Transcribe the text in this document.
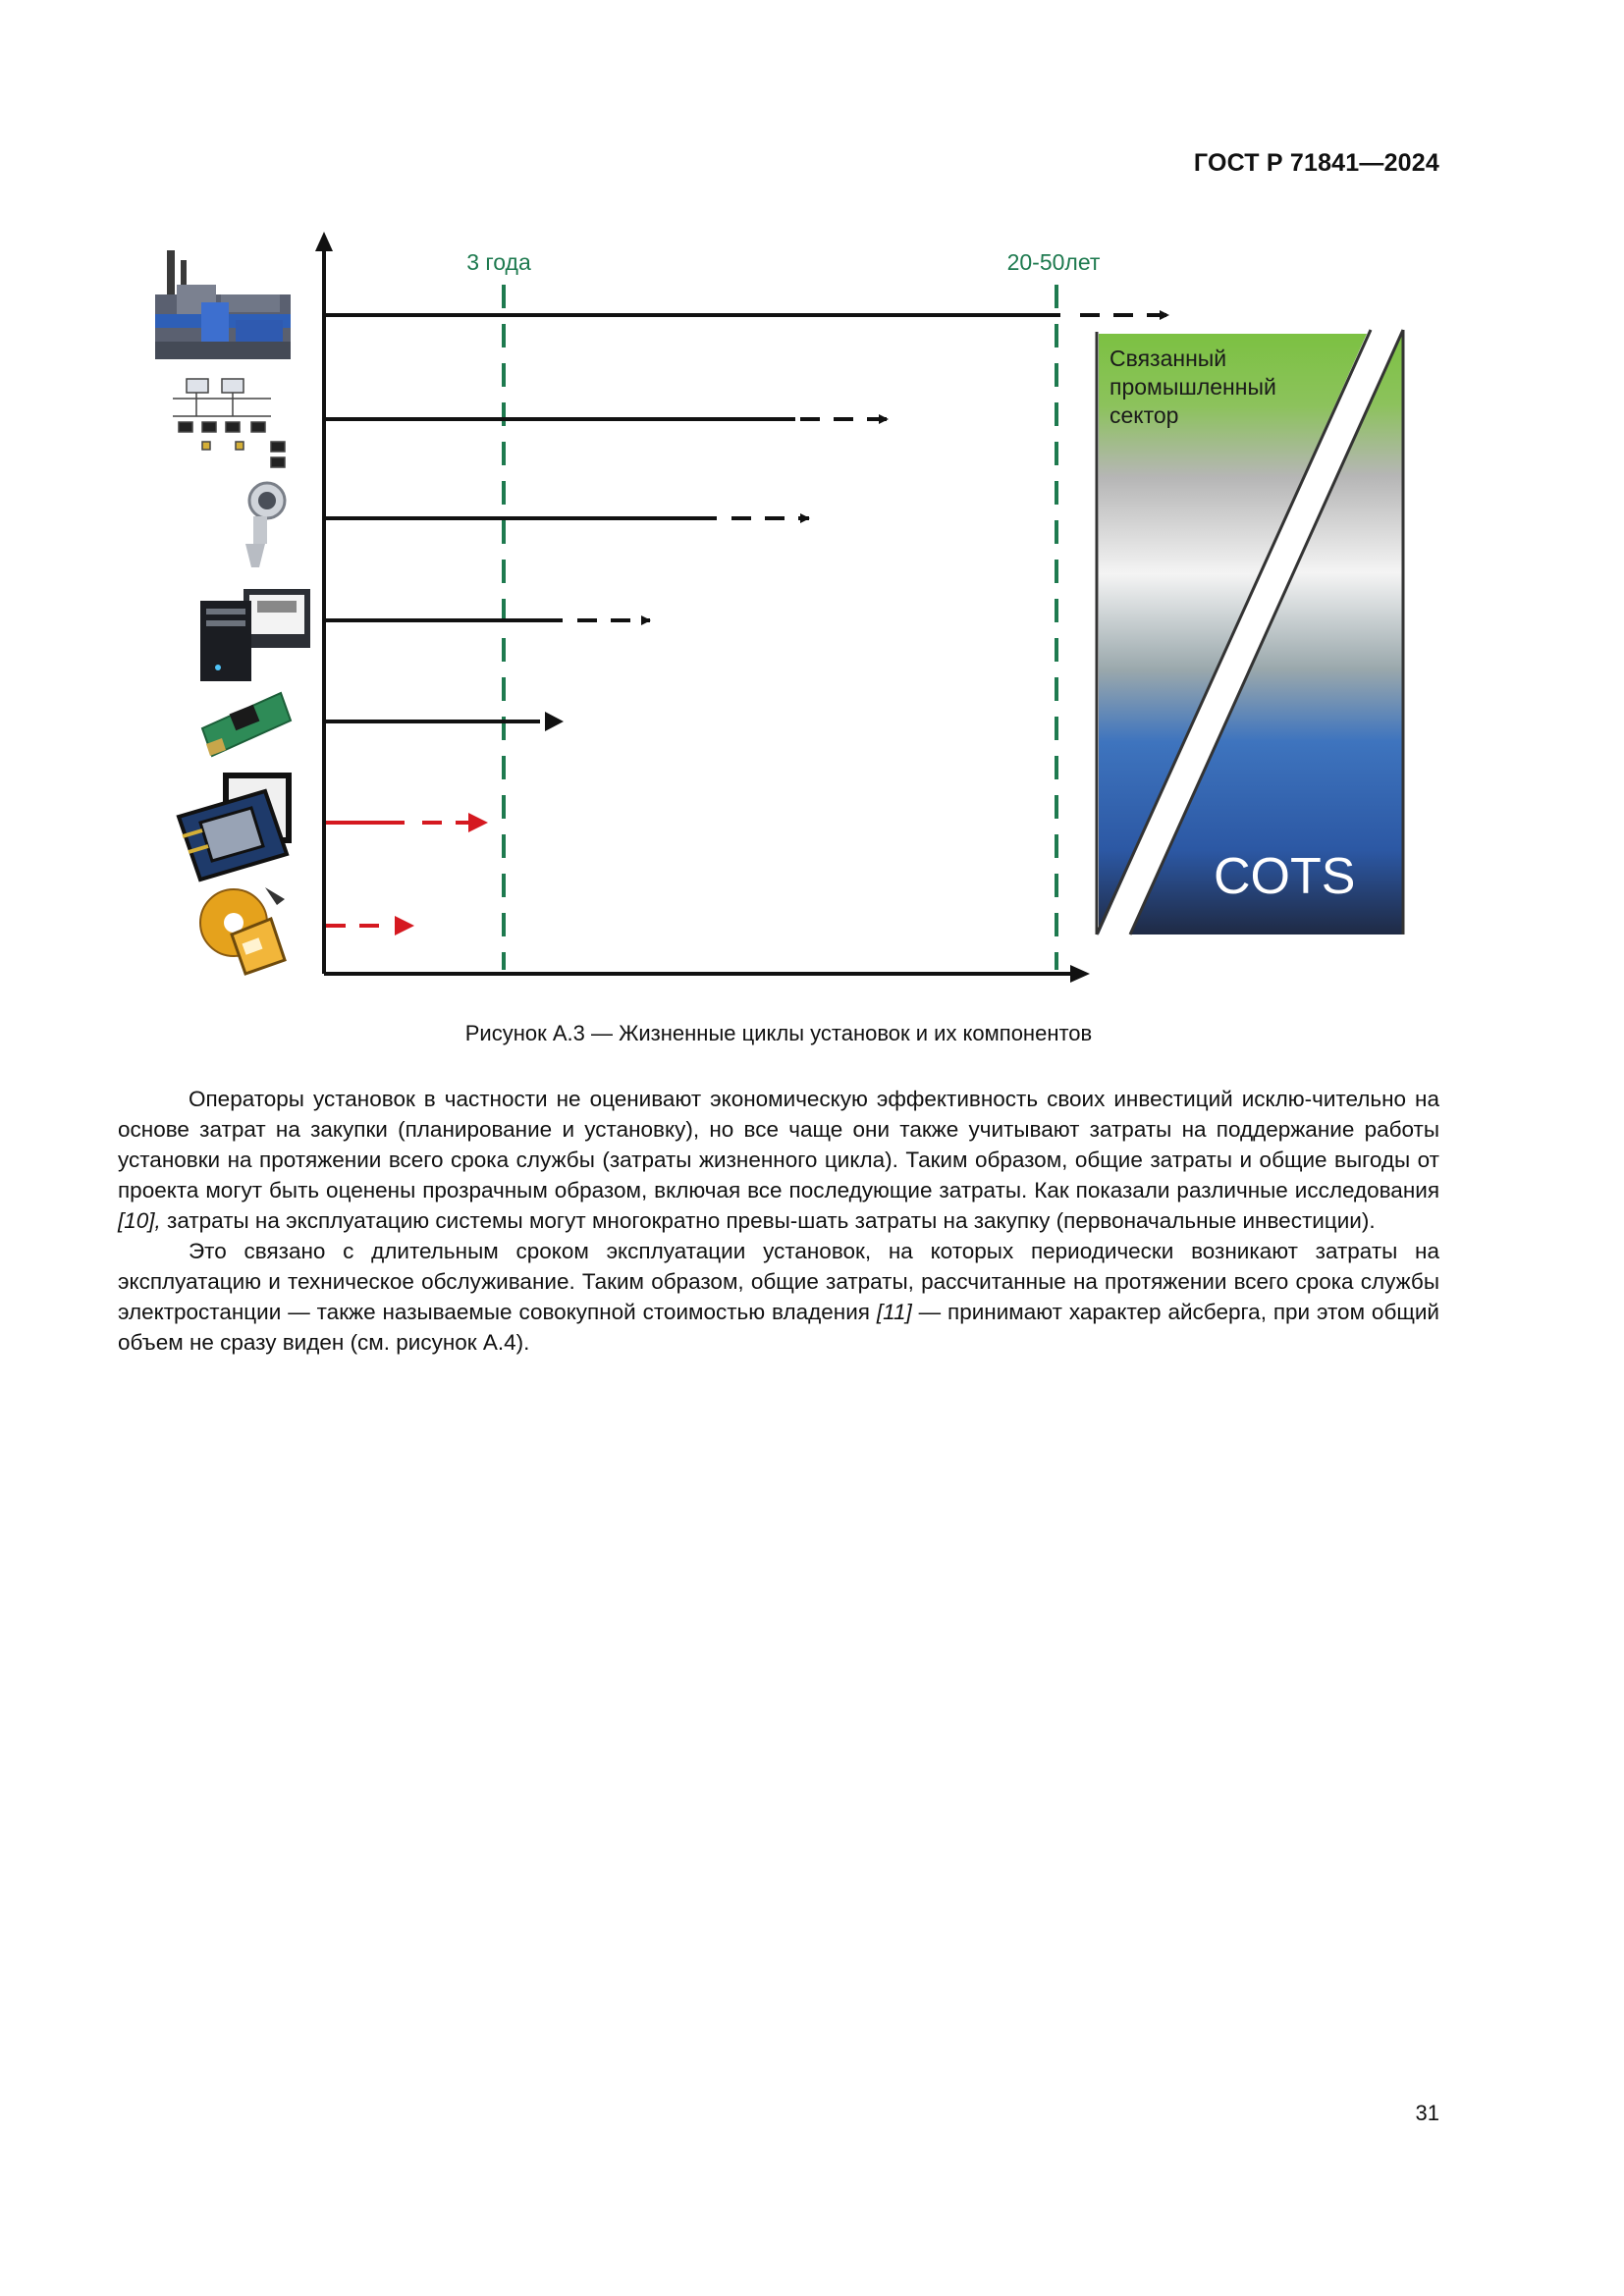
ГОСТ Р 71841—2024
3 года	20-50лет
Связанный
промышленный
сектор
COTS
Рисунок А.3 — Жизненные циклы установок и их компонентов

Операторы установок в частности не оценивают экономическую эффективность своих инвестиций исклю-чительно на основе затрат на закупки (планирование и установку), но все чаще они также учитывают затраты на поддержание работы установки на протяжении всего срока службы (затраты жизненного цикла). Таким образом, общие затраты и общие выгоды от проекта могут быть оценены прозрачным образом, включая все последующие затраты. Как показали различные исследования [10], затраты на эксплуатацию системы могут многократно превы-шать затраты на закупку (первоначальные инвестиции).

Это связано с длительным сроком эксплуатации установок, на которых периодически возникают затраты на эксплуатацию и техническое обслуживание. Таким образом, общие затраты, рассчитанные на протяжении всего срока службы электростанции — также называемые совокупной стоимостью владения [11] — принимают характер айсберга, при этом общий объем не сразу виден (см. рисунок А.4).

31
